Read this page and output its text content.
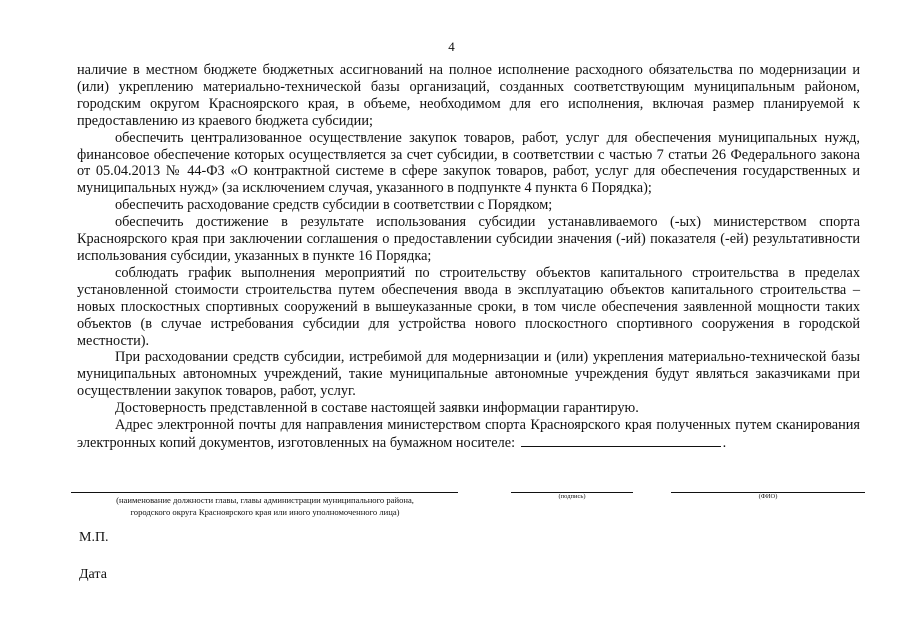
4

наличие в местном бюджете бюджетных ассигнований на полное исполнение расходного обязательства по модернизации и (или) укреплению материально-технической базы организаций, созданных соответствующим муниципальным районом, городским округом Красноярского края, в объеме, необходимом для его исполнения, включая размер планируемой к предоставлению из краевого бюджета субсидии;

обеспечить централизованное осуществление закупок товаров, работ, услуг для обеспечения муниципальных нужд, финансовое обеспечение которых осуществляется за счет субсидии, в соответствии с частью 7 статьи 26 Федерального закона от 05.04.2013 № 44-ФЗ «О контрактной системе в сфере закупок товаров, работ, услуг для обеспечения государственных и муниципальных нужд» (за исключением случая, указанного в подпункте 4 пункта 6 Порядка);

обеспечить расходование средств субсидии в соответствии с Порядком;

обеспечить достижение в результате использования субсидии устанавливаемого (-ых) министерством спорта Красноярского края при заключении соглашения о предоставлении субсидии значения (-ий) показателя (-ей) результативности использования субсидии, указанных в пункте 16 Порядка;

соблюдать график выполнения мероприятий по строительству объектов капитального строительства в пределах установленной стоимости строительства путем обеспечения ввода в эксплуатацию объектов капитального строительства – новых плоскостных спортивных сооружений в вышеуказанные сроки, в том числе обеспечения заявленной мощности таких объектов (в случае истребования субсидии для устройства нового плоскостного спортивного сооружения в городской местности).

При расходовании средств субсидии, истребимой для модернизации и (или) укрепления материально-технической базы муниципальных автономных учреждений, такие муниципальные автономные учреждения будут являться заказчиками при осуществлении закупок товаров, работ, услуг.

Достоверность представленной в составе настоящей заявки информации гарантирую.

Адрес электронной почты для направления министерством спорта Красноярского края полученных путем сканирования электронных копий документов, изготовленных на бумажном носителе:	.

(наименование должности главы, главы администрации муниципального района, городского округа Красноярского края или иного уполномоченного лица)
(подпись)	(ФИО)
М.П.
Дата
